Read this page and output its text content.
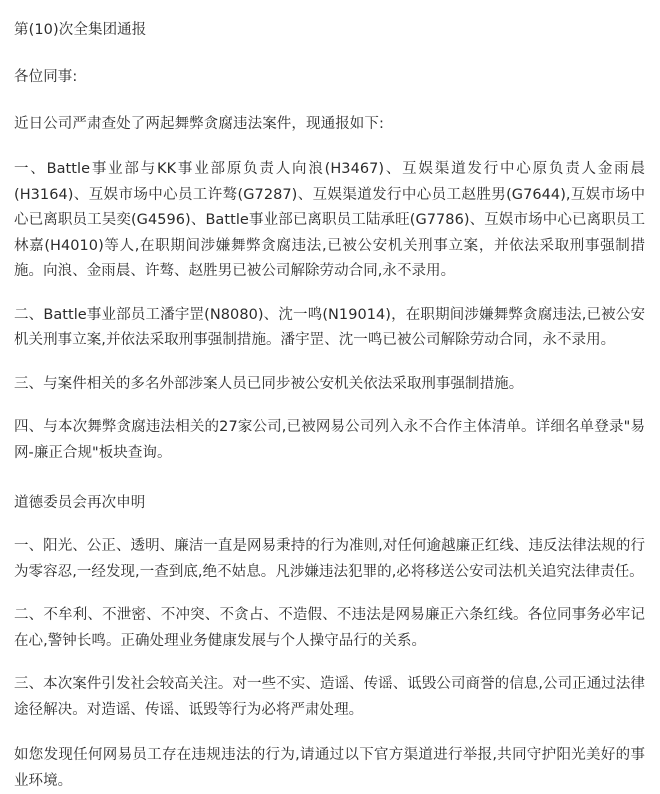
第(10)次全集团通报
各位同事:
近日公司严肃查处了两起舞弊贪腐违法案件，现通报如下:

一、Battle事业部与KK事业部原负责人向浪(H3467)、互娱渠道发行中心原负责人金雨晨(H3164)、互娱市场中心员工许骜(G7287)、互娱渠道发行中心员工赵胜男(G7644),互娱市场中心已离职员工吴奕(G4596)、Battle事业部已离职员工陆承旺(G7786)、互娱市场中心已离职员工林嘉(H4010)等人,在职期间涉嫌舞弊贪腐违法,已被公安机关刑事立案，并依法采取刑事强制措施。向浪、金雨晨、许骜、赵胜男已被公司解除劳动合同,永不录用。

二、Battle事业部员工潘宇罡(N8080)、沈一鸣(N19014)，在职期间涉嫌舞弊贪腐违法,已被公安机关刑事立案,并依法采取刑事强制措施。潘宇罡、沈一鸣已被公司解除劳动合同，永不录用。

三、与案件相关的多名外部涉案人员已同步被公安机关依法采取刑事强制措施。

四、与本次舞弊贪腐违法相关的27家公司,已被网易公司列入永不合作主体清单。详细名单登录"易网-廉正合规"板块查询。

道德委员会再次申明

一、阳光、公正、透明、廉洁一直是网易秉持的行为准则,对任何逾越廉正红线、违反法律法规的行为零容忍,一经发现,一查到底,绝不姑息。凡涉嫌违法犯罪的,必将移送公安司法机关追究法律责任。

二、不牟利、不泄密、不冲突、不贪占、不造假、不违法是网易廉正六条红线。各位同事务必牢记在心,警钟长鸣。正确处理业务健康发展与个人操守品行的关系。

三、本次案件引发社会较高关注。对一些不实、造谣、传谣、诋毁公司商誉的信息,公司正通过法律途径解决。对造谣、传谣、诋毁等行为必将严肃处理。

如您发现任何网易员工存在违规违法的行为,请通过以下官方渠道进行举报,共同守护阳光美好的事业环境。
